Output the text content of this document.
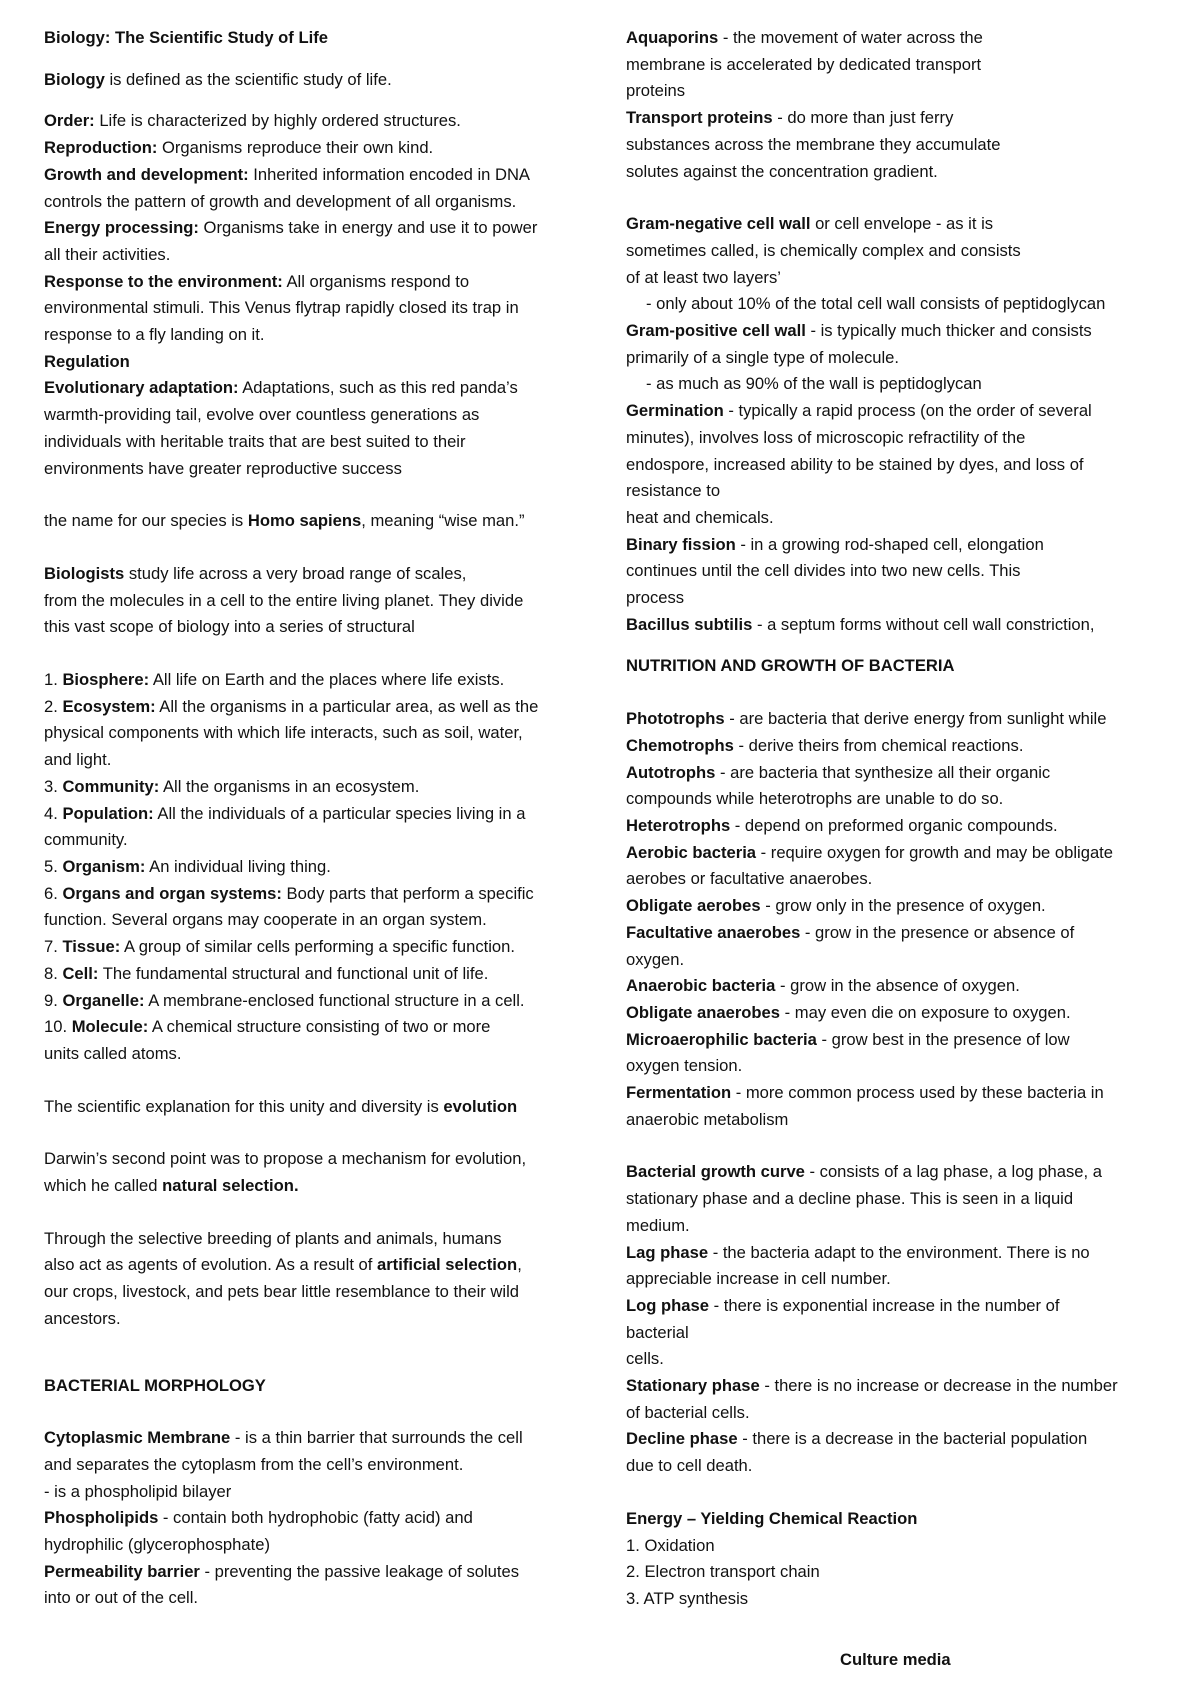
Biology: The Scientific Study of Life
Biology is defined as the scientific study of life.
Order: Life is characterized by highly ordered structures.
Reproduction: Organisms reproduce their own kind.
Growth and development: Inherited information encoded in DNA
controls the pattern of growth and development of all organisms.
Energy processing: Organisms take in energy and use it to power
all their activities.
Response to the environment: All organisms respond to
environmental stimuli. This Venus flytrap rapidly closed its trap in
response to a fly landing on it.
Regulation
Evolutionary adaptation: Adaptations, such as this red panda’s
warmth-providing tail, evolve over countless generations as
individuals with heritable traits that are best suited to their
environments have greater reproductive success
the name for our species is Homo sapiens, meaning “wise man.”
Biologists study life across a very broad range of scales,
from the molecules in a cell to the entire living planet. They divide
this vast scope of biology into a series of structural
1. Biosphere: All life on Earth and the places where life exists.
2. Ecosystem: All the organisms in a particular area, as well as the
physical components with which life interacts, such as soil, water,
and light.
3. Community: All the organisms in an ecosystem.
4. Population: All the individuals of a particular species living in a
community.
5. Organism: An individual living thing.
6. Organs and organ systems: Body parts that perform a specific
function. Several organs may cooperate in an organ system.
7. Tissue: A group of similar cells performing a specific function.
8. Cell: The fundamental structural and functional unit of life.
9. Organelle: A membrane-enclosed functional structure in a cell.
10. Molecule: A chemical structure consisting of two or more
units called atoms.
The scientific explanation for this unity and diversity is evolution
Darwin’s second point was to propose a mechanism for evolution,
which he called natural selection.
Through the selective breeding of plants and animals, humans
also act as agents of evolution. As a result of artificial selection,
our crops, livestock, and pets bear little resemblance to their wild
ancestors.
BACTERIAL MORPHOLOGY
Cytoplasmic Membrane - is a thin barrier that surrounds the cell
and separates the cytoplasm from the cell’s environment.
- is a phospholipid bilayer
Phospholipids - contain both hydrophobic (fatty acid) and
hydrophilic (glycerophosphate)
Permeability barrier - preventing the passive leakage of solutes
into or out of the cell.
Aquaporins - the movement of water across the
membrane is accelerated by dedicated transport
proteins
Transport proteins - do more than just ferry
substances across the membrane they accumulate
solutes against the concentration gradient.
Gram-negative cell wall or cell envelope - as it is
sometimes called, is chemically complex and consists
of at least two layers’
- only about 10% of the total cell wall consists of peptidoglycan
Gram-positive cell wall - is typically much thicker and consists
primarily of a single type of molecule.
- as much as 90% of the wall is peptidoglycan
Germination - typically a rapid process (on the order of several
minutes), involves loss of microscopic refractility of the
endospore, increased ability to be stained by dyes, and loss of
resistance to
heat and chemicals.
Binary fission - in a growing rod-shaped cell, elongation
continues until the cell divides into two new cells. This
process
Bacillus subtilis - a septum forms without cell wall constriction,
NUTRITION AND GROWTH OF BACTERIA
Phototrophs - are bacteria that derive energy from sunlight while
Chemotrophs - derive theirs from chemical reactions.
Autotrophs - are bacteria that synthesize all their organic
compounds while heterotrophs are unable to do so.
Heterotrophs - depend on preformed organic compounds.
Aerobic bacteria - require oxygen for growth and may be obligate
aerobes or facultative anaerobes.
Obligate aerobes - grow only in the presence of oxygen.
Facultative anaerobes - grow in the presence or absence of
oxygen.
Anaerobic bacteria - grow in the absence of oxygen.
Obligate anaerobes - may even die on exposure to oxygen.
Microaerophilic bacteria - grow best in the presence of low
oxygen tension.
Fermentation - more common process used by these bacteria in
anaerobic metabolism
Bacterial growth curve - consists of a lag phase, a log phase, a
stationary phase and a decline phase. This is seen in a liquid
medium.
Lag phase - the bacteria adapt to the environment. There is no
appreciable increase in cell number.
Log phase - there is exponential increase in the number of
bacterial
cells.
Stationary phase - there is no increase or decrease in the number
of bacterial cells.
Decline phase - there is a decrease in the bacterial population
due to cell death.
Energy – Yielding Chemical Reaction
1. Oxidation
2. Electron transport chain
3. ATP synthesis
Culture media
